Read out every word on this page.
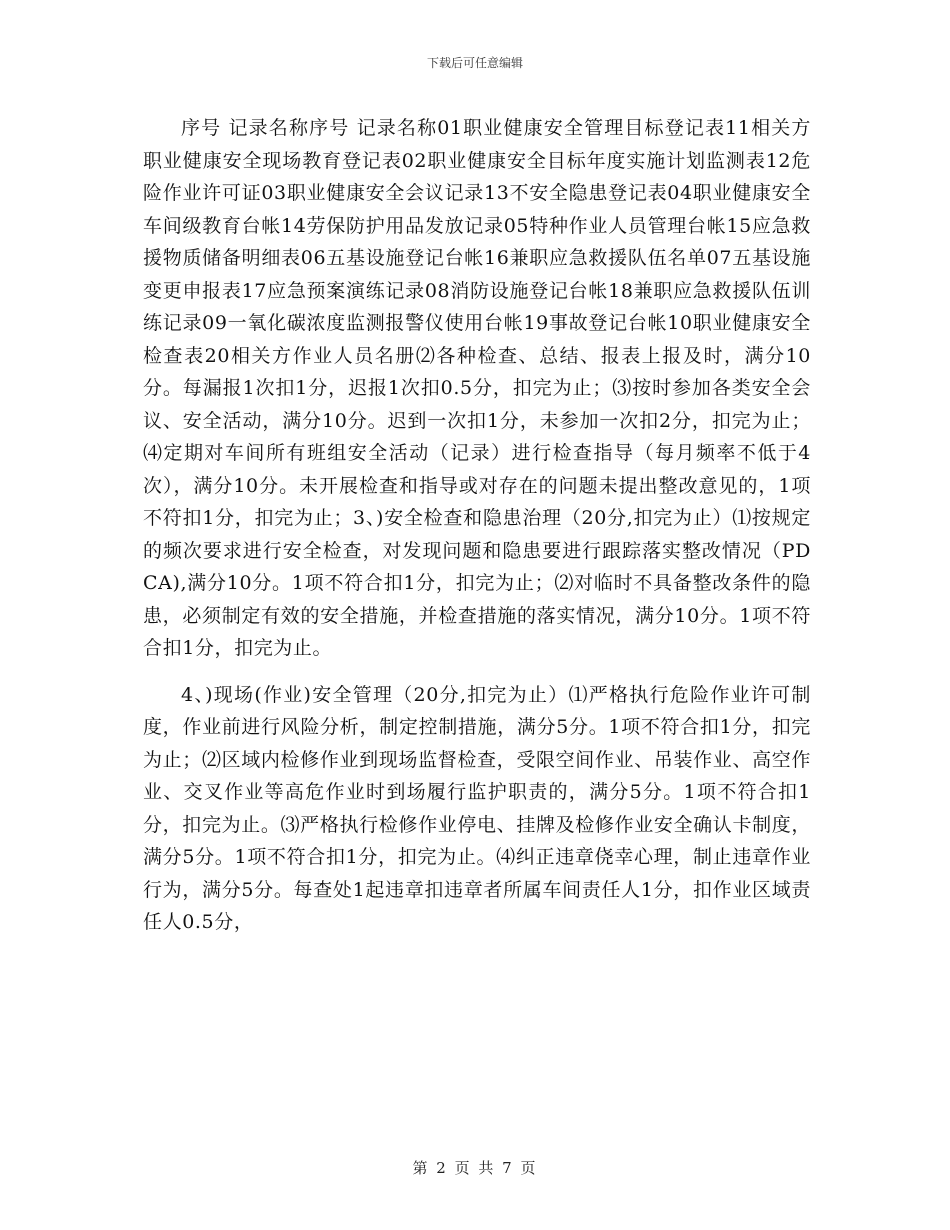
下载后可任意编辑

序号 记录名称序号 记录名称01职业健康安全管理目标登记表11相关方职业健康安全现场教育登记表02职业健康安全目标年度实施计划监测表12危险作业许可证03职业健康安全会议记录13不安全隐患登记表04职业健康安全车间级教育台帐14劳保防护用品发放记录05特种作业人员管理台帐15应急救援物质储备明细表06五基设施登记台帐16兼职应急救援队伍名单07五基设施变更申报表17应急预案演练记录08消防设施登记台帐18兼职应急救援队伍训练记录09一氧化碳浓度监测报警仪使用台帐19事故登记台帐10职业健康安全检查表20相关方作业人员名册⑵各种检查、总结、报表上报及时，满分10分。每漏报1次扣1分，迟报1次扣0.5分，扣完为止；⑶按时参加各类安全会议、安全活动，满分10分。迟到一次扣1分，未参加一次扣2分，扣完为止；⑷定期对车间所有班组安全活动（记录）进行检查指导（每月频率不低于4次），满分10分。未开展检查和指导或对存在的问题未提出整改意见的，1项不符扣1分，扣完为止；3、)安全检查和隐患治理（20分,扣完为止）⑴按规定的频次要求进行安全检查，对发现问题和隐患要进行跟踪落实整改情况（PDCA),满分10分。1项不符合扣1分，扣完为止；⑵对临时不具备整改条件的隐患，必须制定有效的安全措施，并检查措施的落实情况，满分10分。1项不符合扣1分，扣完为止。

4、)现场(作业)安全管理（20分,扣完为止）⑴严格执行危险作业许可制度，作业前进行风险分析，制定控制措施，满分5分。1项不符合扣1分，扣完为止；⑵区域内检修作业到现场监督检查，受限空间作业、吊装作业、高空作业、交叉作业等高危作业时到场履行监护职责的，满分5分。1项不符合扣1分，扣完为止。⑶严格执行检修作业停电、挂牌及检修作业安全确认卡制度，满分5分。1项不符合扣1分，扣完为止。⑷纠正违章侥幸心理，制止违章作业行为，满分5分。每查处1起违章扣违章者所属车间责任人1分，扣作业区域责任人0.5分，

第 2 页 共 7 页
